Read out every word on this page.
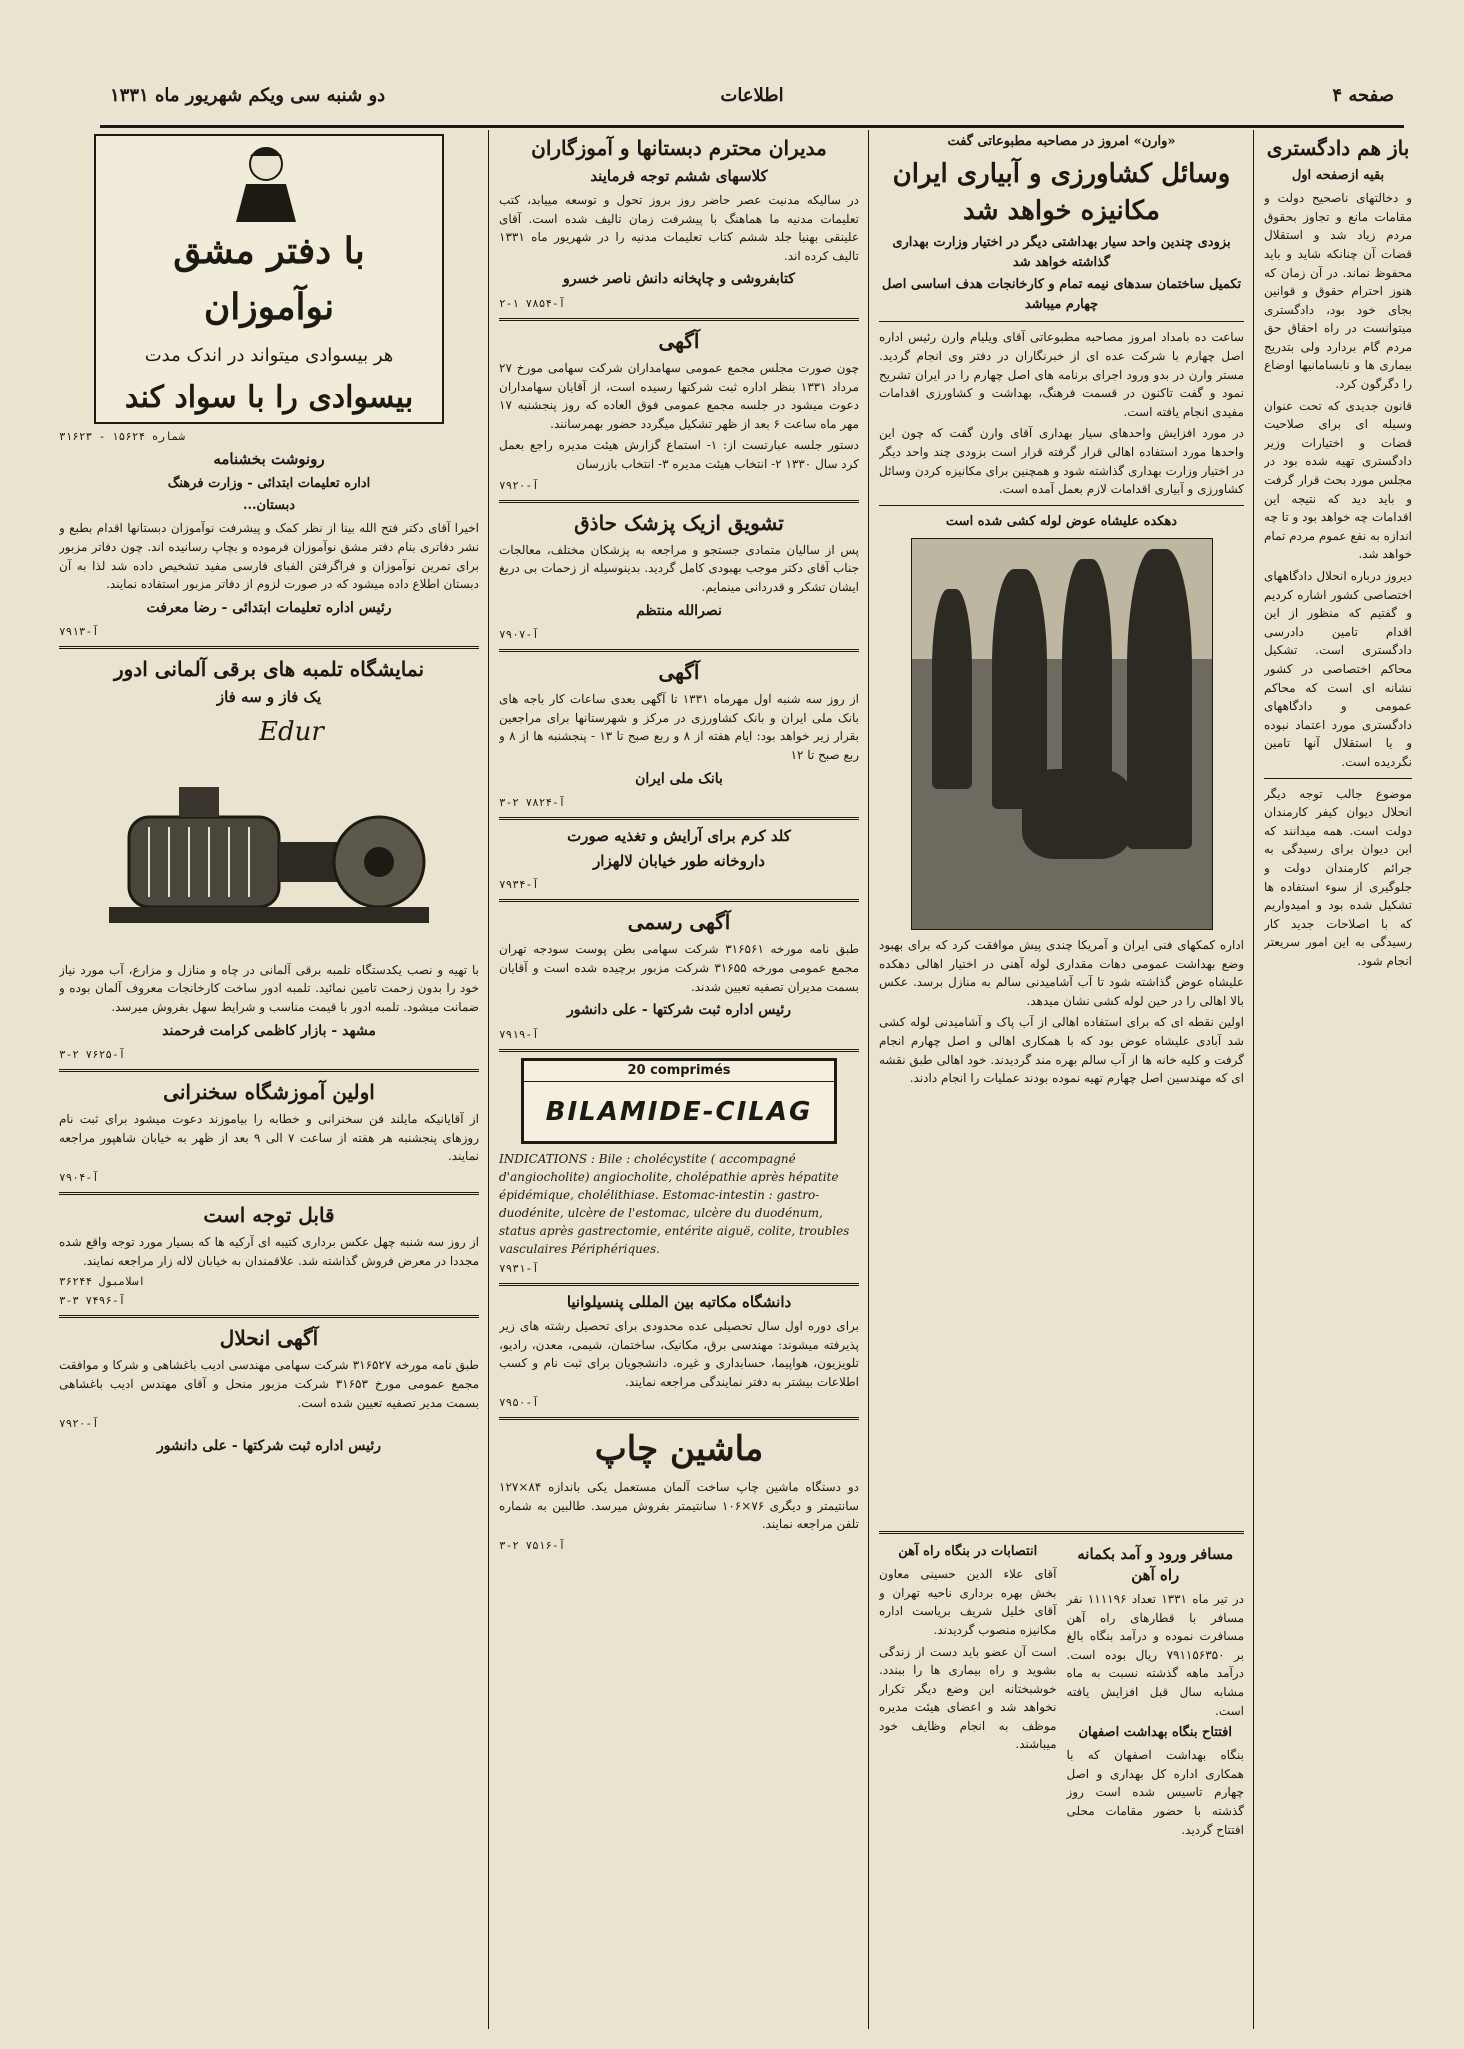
صفحه ۴
اطلاعات
دو شنبه سی ویکم شهریور ماه ۱۳۳۱
باز هم دادگستری
بقیه ازصفحه اول

و دخالتهای ناصحیح دولت و مقامات مانع و تجاوز بحقوق مردم زیاد شد و استقلال قضات آن چنانکه شاید و باید محفوظ نماند. در آن زمان که هنوز احترام حقوق و قوانین بجای خود بود، دادگستری میتوانست در راه احقاق حق مردم گام بردارد ولی بتدریج بیماری ها و نابسامانیها اوضاع را دگرگون کرد.

قانون جدیدی که تحت عنوان وسیله ای برای صلاحیت قضات و اختیارات وزیر دادگستری تهیه شده بود در مجلس مورد بحث قرار گرفت و باید دید که نتیجه این اقدامات چه خواهد بود و تا چه اندازه به نفع عموم مردم تمام خواهد شد.

دیروز درباره انحلال دادگاههای اختصاصی کشور اشاره کردیم و گفتیم که منظور از این اقدام تامین دادرسی دادگستری است. تشکیل محاکم اختصاصی در کشور نشانه ای است که محاکم عمومی و دادگاههای دادگستری مورد اعتماد نبوده و یا استقلال آنها تامین نگردیده است.

موضوع جالب توجه دیگر انحلال دیوان کیفر کارمندان دولت است. همه میدانند که این دیوان برای رسیدگی به جرائم کارمندان دولت و جلوگیری از سوء استفاده ها تشکیل شده بود و امیدواریم که با اصلاحات جدید کار رسیدگی به این امور سریعتر انجام شود.

«وارن» امروز در مصاحبه مطبوعاتی گفت
وسائل کشاورزی و آبیاری ایران مکانیزه خواهد شد
بزودی چندین واحد سیار بهداشتی دیگر در اختیار وزارت بهداری گذاشته خواهد شد
تکمیل ساختمان سدهای نیمه تمام و کارخانجات هدف اساسی اصل چهارم میباشد

ساعت ده بامداد امروز مصاحبه مطبوعاتی آقای ویلیام وارن رئیس اداره اصل چهارم با شرکت عده ای از خبرنگاران در دفتر وی انجام گردید. مستر وارن در بدو ورود اجرای برنامه های اصل چهارم را در ایران تشریح نمود و گفت تاکنون در قسمت فرهنگ، بهداشت و کشاورزی اقدامات مفیدی انجام یافته است.

در مورد افزایش واحدهای سیار بهداری آقای وارن گفت که چون این واحدها مورد استفاده اهالی قرار گرفته قرار است بزودی چند واحد دیگر در اختیار وزارت بهداری گذاشته شود و همچنین برای مکانیزه کردن وسائل کشاورزی و آبیاری اقدامات لازم بعمل آمده است.

دهکده علیشاه عوض لوله کشی شده است

اداره کمکهای فنی ایران و آمریکا چندی پیش موافقت کرد که برای بهبود وضع بهداشت عمومی دهات مقداری لوله آهنی در اختیار اهالی دهکده علیشاه عوض گذاشته شود تا آب آشامیدنی سالم به منازل برسد. عکس بالا اهالی را در حین لوله کشی نشان میدهد.

اولین نقطه ای که برای استفاده اهالی از آب پاک و آشامیدنی لوله کشی شد آبادی علیشاه عوض بود که با همکاری اهالی و اصل چهارم انجام گرفت و کلیه خانه ها از آب سالم بهره مند گردیدند. خود اهالی طبق نقشه ای که مهندسین اصل چهارم تهیه نموده بودند عملیات را انجام دادند.

مدیران محترم دبستانها و آموزگاران
کلاسهای ششم توجه فرمایند

در سالیکه مدنیت عصر حاضر روز بروز تحول و توسعه مییابد، کتب تعلیمات مدنیه ما هماهنگ با پیشرفت زمان تالیف شده است. آقای علینقی بهنیا جلد ششم کتاب تعلیمات مدنیه را در شهریور ماه ۱۳۳۱ تالیف کرده اند.

کتابفروشی و چاپخانه دانش ناصر خسرو
آ-۷۸۵۴ ۱-۲
آگهی

چون صورت مجلس مجمع عمومی سهامداران شرکت سهامی مورخ ۲۷ مرداد ۱۳۳۱ بنظر اداره ثبت شرکتها رسیده است، از آقایان سهامداران دعوت میشود در جلسه مجمع عمومی فوق العاده که روز پنجشنبه ۱۷ مهر ماه ساعت ۶ بعد از ظهر تشکیل میگردد حضور بهمرسانند.

دستور جلسه عبارتست از: ۱- استماع گزارش هیئت مدیره راجع بعمل کرد سال ۱۳۳۰ ۲- انتخاب هیئت مدیره ۳- انتخاب بازرسان

آ-۷۹۲۰
تشویق ازیک پزشک حاذق

پس از سالیان متمادی جستجو و مراجعه به پزشکان مختلف، معالجات جناب آقای دکتر موجب بهبودی کامل گردید. بدینوسیله از زحمات بی دریغ ایشان تشکر و قدردانی مینمایم.

نصرالله منتظم
آ-۷۹۰۷
آگهی

از روز سه شنبه اول مهرماه ۱۳۳۱ تا آگهی بعدی ساعات کار باجه های بانک ملی ایران و بانک کشاورزی در مرکز و شهرستانها برای مراجعین بقرار زیر خواهد بود: ایام هفته از ۸ و ربع صبح تا ۱۳ - پنجشنبه ها از ۸ و ربع صبح تا ۱۲

بانک ملی ایران
آ-۷۸۲۴ ۲-۳
کلد کرم برای آرایش و تغذیه صورت
داروخانه طور خیابان لالهزار
آ-۷۹۳۴
آگهی رسمی

طبق نامه مورخه ۳۱۶۵۶۱ شرکت سهامی بطن پوست سودجه تهران مجمع عمومی مورخه ۳۱۶۵۵ شرکت مزبور برچیده شده است و آقایان بسمت مدیران تصفیه تعیین شدند.

رئیس اداره ثبت شرکتها - علی دانشور
آ-۷۹۱۹
20 comprimés
BILAMIDE-CILAG
INDICATIONS : Bile : cholécystite ( accompagné d'angiocholite) angiocholite, cholépathie après hépatite épidémique, cholélithiase. Estomac-intestin : gastro-duodénite, ulcère de l'estomac, ulcère du duodénum, status après gastrectomie, entérite aiguë, colite, troubles vasculaires Périphériques.
آ-۷۹۳۱
دانشگاه مکاتبه بین المللی پنسیلوانیا

برای دوره اول سال تحصیلی عده محدودی برای تحصیل رشته های زیر پذیرفته میشوند: مهندسی برق، مکانیک، ساختمان، شیمی، معدن، رادیو، تلویزیون، هواپیما، حسابداری و غیره. دانشجویان برای ثبت نام و کسب اطلاعات بیشتر به دفتر نمایندگی مراجعه نمایند.

آ-۷۹۵۰
ماشین چاپ

دو دستگاه ماشین چاپ ساخت آلمان مستعمل یکی باندازه ۸۴×۱۲۷ سانتیمتر و دیگری ۷۶×۱۰۶ سانتیمتر بفروش میرسد. طالبین به شماره تلفن مراجعه نمایند.

آ-۷۵۱۶ ۲-۳
با دفتر مشق نوآموزان
هر بیسوادی میتواند در اندک مدت
بیسوادی را با سواد کند
شماره ۱۵۶۲۴ - ۳۱۶۲۳
رونوشت بخشنامه
اداره تعلیمات ابتدائی - وزارت فرهنگ
دبستان...

اخیرا آقای دکتر فتح الله بینا از نظر کمک و پیشرفت نوآموزان دبستانها اقدام بطبع و نشر دفاتری بنام دفتر مشق نوآموزان فرموده و بچاپ رسانیده اند. چون دفاتر مزبور برای تمرین نوآموزان و فراگرفتن الفبای فارسی مفید تشخیص داده شد لذا به آن دبستان اطلاع داده میشود که در صورت لزوم از دفاتر مزبور استفاده نمایند.

رئیس اداره تعلیمات ابتدائی - رضا معرفت
آ-۷۹۱۳
نمایشگاه تلمبه های برقی آلمانی ادور
یک فاز و سه فاز
Edur

با تهیه و نصب یکدستگاه تلمبه برقی آلمانی در چاه و منازل و مزارع، آب مورد نیاز خود را بدون زحمت تامین نمائید. تلمبه ادور ساخت کارخانجات معروف آلمان بوده و ضمانت میشود. تلمبه ادور با قیمت مناسب و شرایط سهل بفروش میرسد.

مشهد - بازار کاظمی کرامت فرحمند
آ-۷۶۲۵ ۲-۳
اولین آموزشگاه سخنرانی

از آقایانیکه مایلند فن سخنرانی و خطابه را بیاموزند دعوت میشود برای ثبت نام روزهای پنجشنبه هر هفته از ساعت ۷ الی ۹ بعد از ظهر به خیابان شاهپور مراجعه نمایند.

آ-۷۹۰۴
قابل توجه است

از روز سه شنبه چهل عکس برداری کتیبه ای آرکیه ها که بسیار مورد توجه واقع شده مجددا در معرض فروش گذاشته شد. علاقمندان به خیابان لاله زار مراجعه نمایند.

اسلامبول ۳۶۲۴۴
آ-۷۴۹۶ ۳-۳
آگهی انحلال

طبق نامه مورخه ۳۱۶۵۲۷ شرکت سهامی مهندسی ادیب باغشاهی و شرکا و موافقت مجمع عمومی مورخ ۳۱۶۵۳ شرکت مزبور منحل و آقای مهندس ادیب باغشاهی بسمت مدیر تصفیه تعیین شده است.

آ-۷۹۲۰
رئیس اداره ثبت شرکتها - علی دانشور
مسافر ورود و آمد بکمانه راه آهن

در تیر ماه ۱۳۳۱ تعداد ۱۱۱۱۹۶ نفر مسافر با قطارهای راه آهن مسافرت نموده و درآمد بنگاه بالغ بر ۷۹۱۱۵۶۳۵۰ ریال بوده است. درآمد ماهه گذشته نسبت به ماه مشابه سال قبل افزایش یافته است.

افتتاح بنگاه بهداشت اصفهان

بنگاه بهداشت اصفهان که با همکاری اداره کل بهداری و اصل چهارم تاسیس شده است روز گذشته با حضور مقامات محلی افتتاح گردید.

انتصابات در بنگاه راه آهن

آقای علاء الدین حسینی معاون بخش بهره برداری ناحیه تهران و آقای خلیل شریف بریاست اداره مکانیزه منصوب گردیدند.

است آن عضو باید دست از زندگی بشوید و راه بیماری ها را ببندد. خوشبختانه این وضع دیگر تکرار نخواهد شد و اعضای هیئت مدیره موظف به انجام وظایف خود میباشند.
